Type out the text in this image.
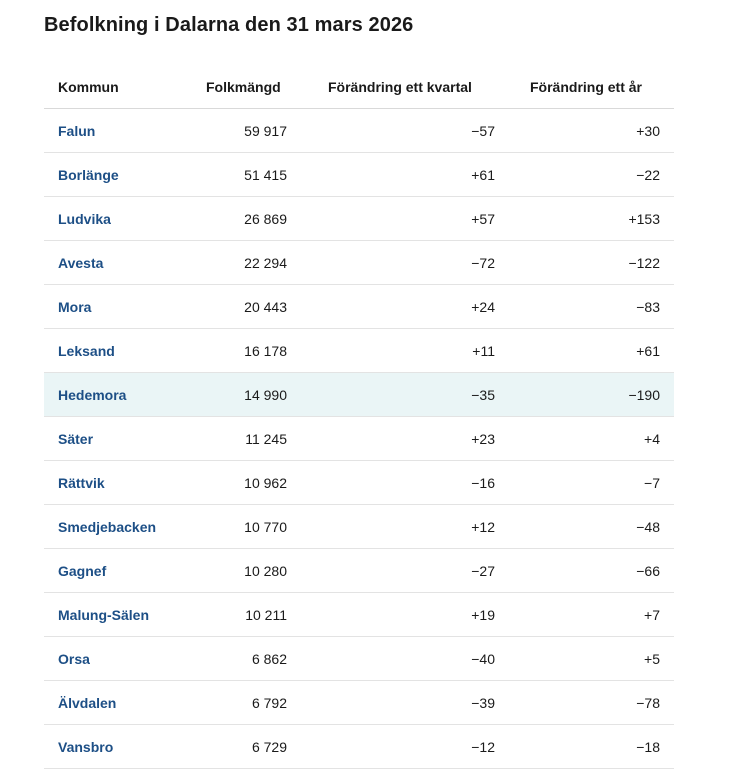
Befolkning i Dalarna den 31 mars 2026
Kommun	Folkmängd	Förändring ett kvartal	Förändring ett år
Falun	59 917	−57	+30
Borlänge	51 415	+61	−22
Ludvika	26 869	+57	+153
Avesta	22 294	−72	−122
Mora	20 443	+24	−83
Leksand	16 178	+11	+61
Hedemora	14 990	−35	−190
Säter	11 245	+23	+4
Rättvik	10 962	−16	−7
Smedjebacken	10 770	+12	−48
Gagnef	10 280	−27	−66
Malung-Sälen	10 211	+19	+7
Orsa	6 862	−40	+5
Älvdalen	6 792	−39	−78
Vansbro	6 729	−12	−18
